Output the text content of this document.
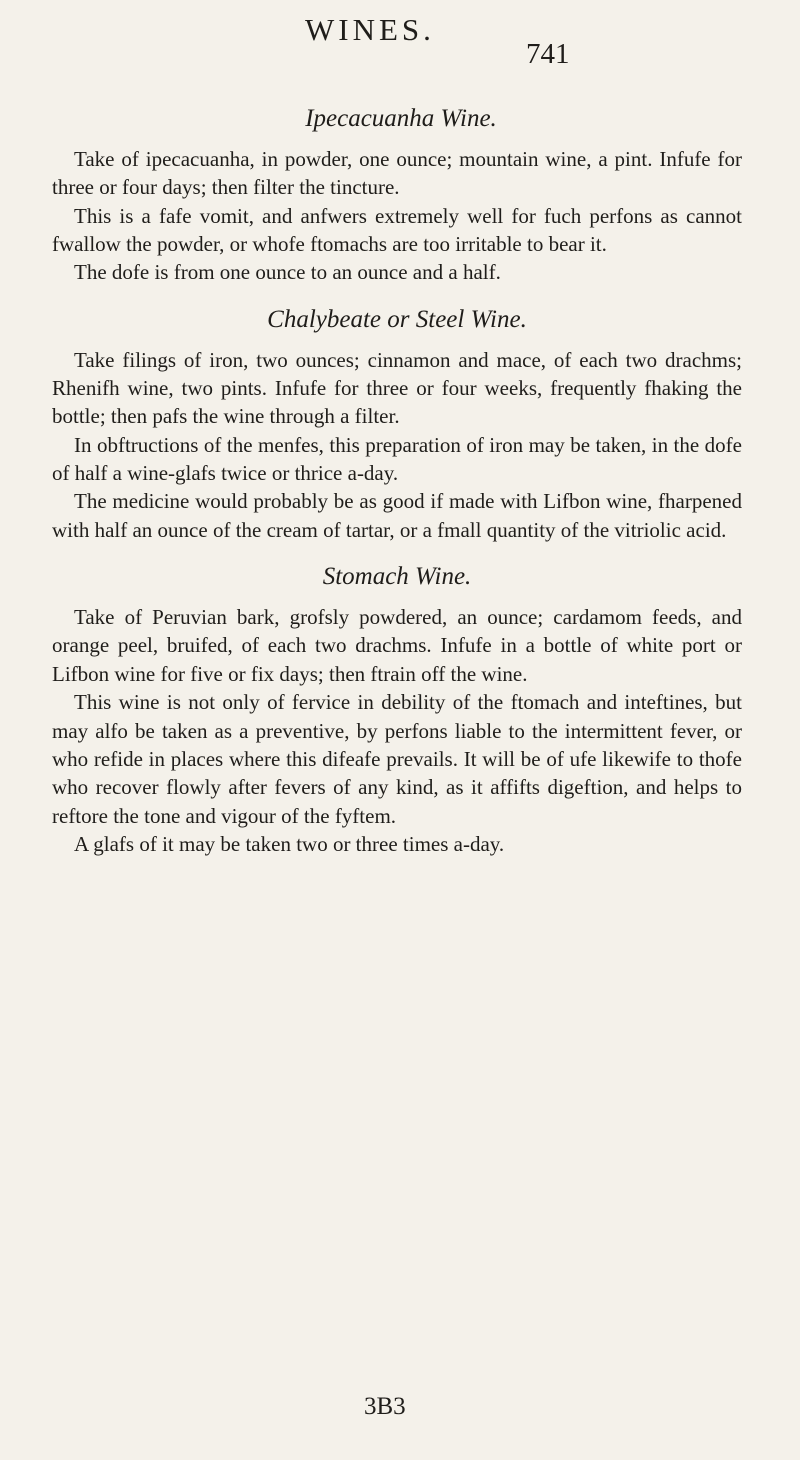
WINES.
741
Ipecacuanha Wine.

Take of ipecacuanha, in powder, one ounce; mountain wine, a pint. Infufe for three or four days; then filter the tincture.

This is a fafe vomit, and anfwers extremely well for fuch perfons as cannot fwallow the powder, or whofe ftomachs are too irritable to bear it.

The dofe is from one ounce to an ounce and a half.

Chalybeate or Steel Wine.

Take filings of iron, two ounces; cinnamon and mace, of each two drachms; Rhenifh wine, two pints. Infufe for three or four weeks, frequently fhaking the bottle; then pafs the wine through a filter.

In obftructions of the menfes, this preparation of iron may be taken, in the dofe of half a wine-glafs twice or thrice a-day.

The medicine would probably be as good if made with Lifbon wine, fharpened with half an ounce of the cream of tartar, or a fmall quantity of the vitriolic acid.

Stomach Wine.

Take of Peruvian bark, grofsly powdered, an ounce; cardamom feeds, and orange peel, bruifed, of each two drachms. Infufe in a bottle of white port or Lifbon wine for five or fix days; then ftrain off the wine.

This wine is not only of fervice in debility of the ftomach and inteftines, but may alfo be taken as a preventive, by perfons liable to the intermittent fever, or who refide in places where this difeafe prevails. It will be of ufe likewife to thofe who recover flowly after fevers of any kind, as it affifts digeftion, and helps to reftore the tone and vigour of the fyftem.

A glafs of it may be taken two or three times a-day.

3B3
